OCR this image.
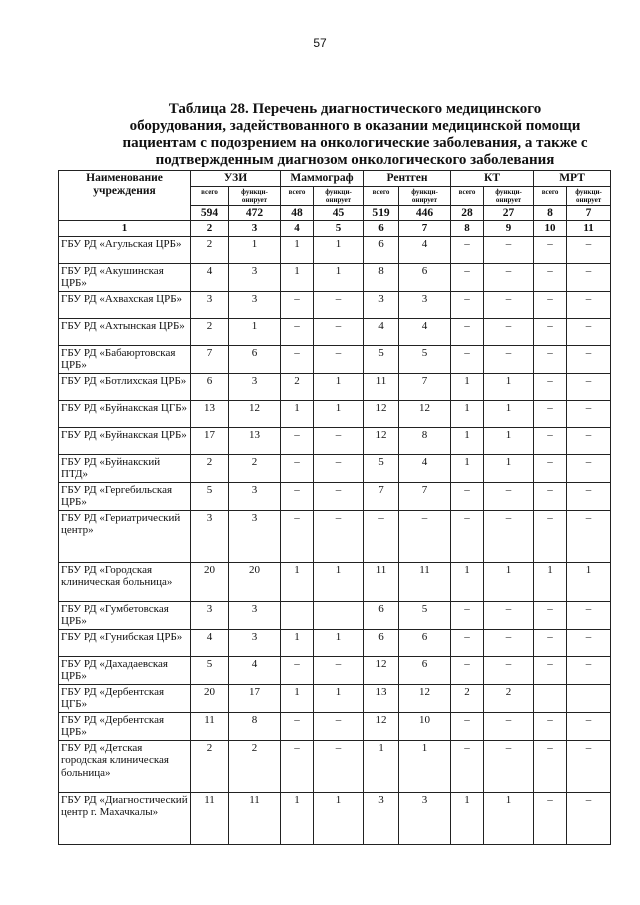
57
Таблица 28. Перечень диагностического медицинского оборудования, задействованного в оказании медицинской помощи пациентам с подозрением на онкологические заболевания, а также с подтвержденным диагнозом онкологического заболевания
Наименование учреждения	УЗИ		Маммограф		Рентген		КТ		МРТ	
	всего	функци-онирует	всего	функци-онирует	всего	функци-онирует	всего	функци-онирует	всего	функци-онирует
	594	472	48	45	519	446	28	27	8	7
1	2	3	4	5	6	7	8	9	10	11
ГБУ РД «Агульская ЦРБ»	2	1	1	1	6	4	–	–	–	–
ГБУ РД «Акушинская ЦРБ»	4	3	1	1	8	6	–	–	–	–
ГБУ РД «Ахвахская ЦРБ»	3	3	–	–	3	3	–	–	–	–
ГБУ РД «Ахтынская ЦРБ»	2	1	–	–	4	4	–	–	–	–
ГБУ РД «Бабаюртовская ЦРБ»	7	6	–	–	5	5	–	–	–	–
ГБУ РД «Ботлихская ЦРБ»	6	3	2	1	11	7	1	1	–	–
ГБУ РД «Буйнакская ЦГБ»	13	12	1	1	12	12	1	1	–	–
ГБУ РД «Буйнакская ЦРБ»	17	13	–	–	12	8	1	1	–	–
ГБУ РД «Буйнакский ПТД»	2	2	–	–	5	4	1	1	–	–
ГБУ РД «Гергебильская ЦРБ»	5	3	–	–	7	7	–	–	–	–
ГБУ РД «Гериатрический центр»	3	3	–	–	–	–	–	–	–	–
ГБУ РД «Городская клиническая больница»	20	20	1	1	11	11	1	1	1	1
ГБУ РД «Гумбетовская ЦРБ»	3	3			6	5	–	–	–	–
ГБУ РД «Гунибская ЦРБ»	4	3	1	1	6	6	–	–	–	–
ГБУ РД «Дахадаевская ЦРБ»	5	4	–	–	12	6	–	–	–	–
ГБУ РД «Дербентская ЦГБ»	20	17	1	1	13	12	2	2		
ГБУ РД «Дербентская ЦРБ»	11	8	–	–	12	10	–	–	–	–
ГБУ РД «Детская городская клиническая больница»	2	2	–	–	1	1	–	–	–	–
ГБУ РД «Диагностический центр г. Махачкалы»	11	11	1	1	3	3	1	1	–	–
